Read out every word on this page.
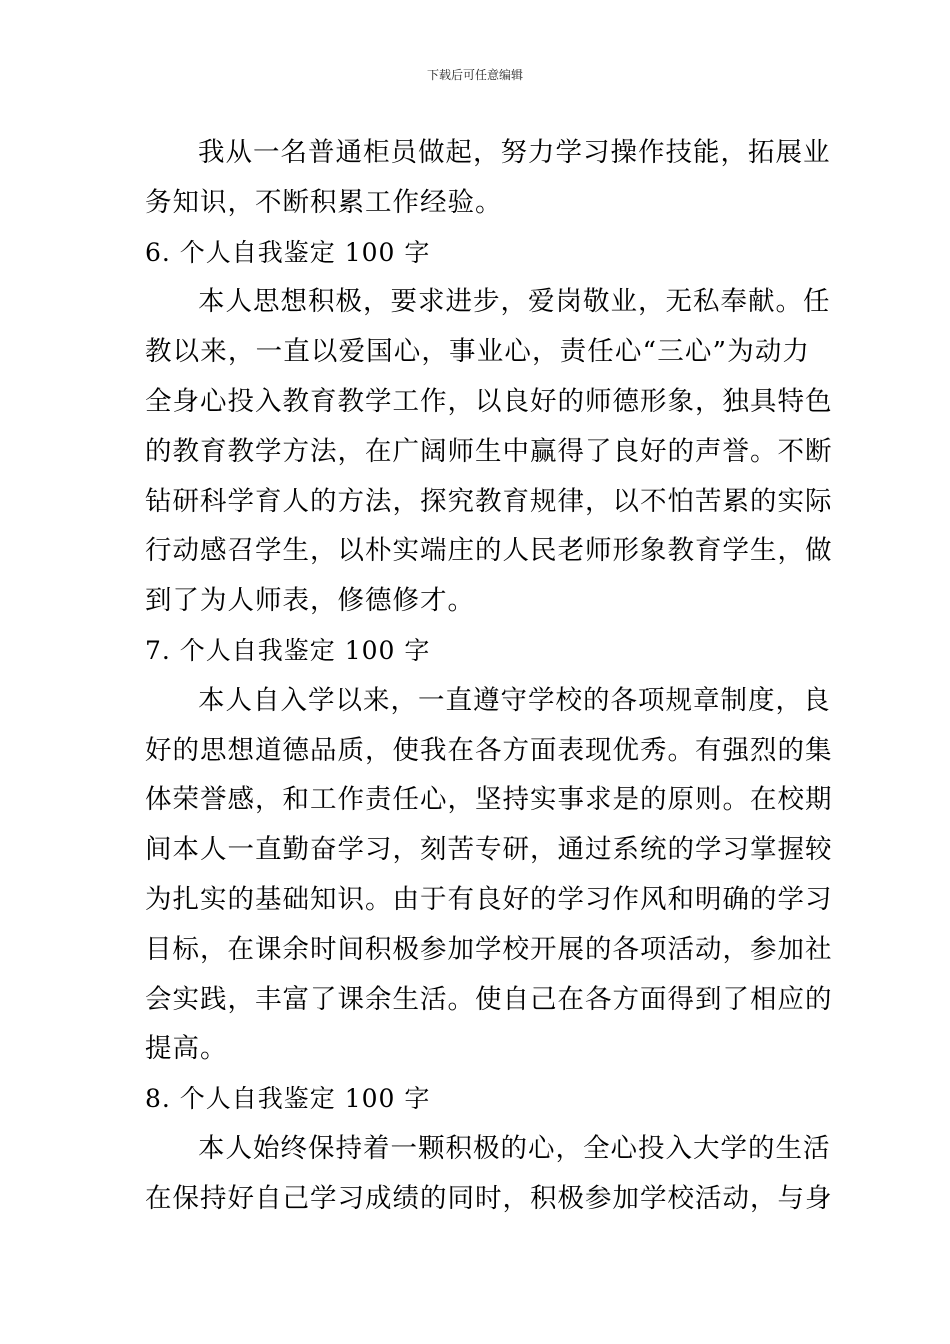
下载后可任意编辑
我从一名普通柜员做起，努力学习操作技能，拓展业
务知识，不断积累工作经验。
6. 个人自我鉴定 100 字
本人思想积极，要求进步，爱岗敬业，无私奉献。任
教以来，一直以爱国心，事业心，责任心“三心”为动力
全身心投入教育教学工作，以良好的师德形象，独具特色
的教育教学方法，在广阔师生中赢得了良好的声誉。不断
钻研科学育人的方法，探究教育规律，以不怕苦累的实际
行动感召学生，以朴实端庄的人民老师形象教育学生，做
到了为人师表，修德修才。
7. 个人自我鉴定 100 字
本人自入学以来，一直遵守学校的各项规章制度，良
好的思想道德品质，使我在各方面表现优秀。有强烈的集
体荣誉感，和工作责任心，坚持实事求是的原则。在校期
间本人一直勤奋学习，刻苦专研，通过系统的学习掌握较
为扎实的基础知识。由于有良好的学习作风和明确的学习
目标，在课余时间积极参加学校开展的各项活动，参加社
会实践，丰富了课余生活。使自己在各方面得到了相应的
提高。
8. 个人自我鉴定 100 字
本人始终保持着一颗积极的心，全心投入大学的生活
在保持好自己学习成绩的同时，积极参加学校活动，与身
